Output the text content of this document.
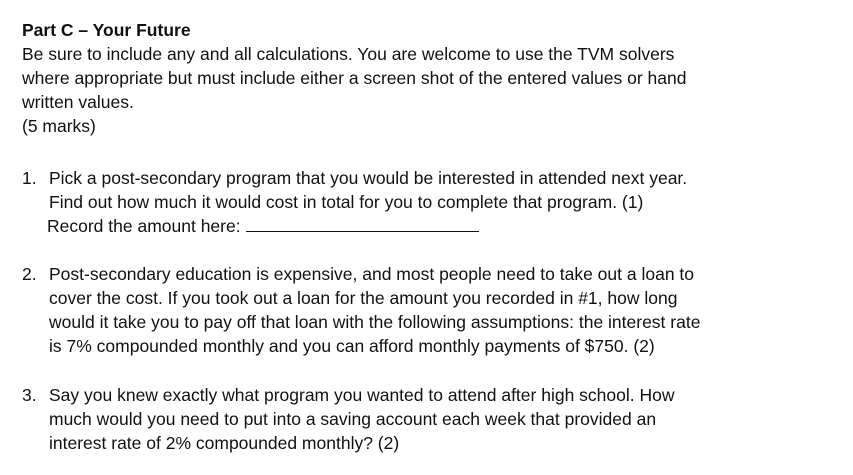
Part C – Your Future

Be sure to include any and all calculations. You are welcome to use the TVM solvers

where appropriate but must include either a screen shot of the entered values or hand

written values.

(5 marks)

1. Pick a post-secondary program that you would be interested in attended next year.
Find out how much it would cost in total for you to complete that program. (1)
Record the amount here:
2. Post-secondary education is expensive, and most people need to take out a loan to
cover the cost. If you took out a loan for the amount you recorded in #1, how long
would it take you to pay off that loan with the following assumptions: the interest rate
is 7% compounded monthly and you can afford monthly payments of $750. (2)
3. Say you knew exactly what program you wanted to attend after high school. How
much would you need to put into a saving account each week that provided an
interest rate of 2% compounded monthly? (2)
